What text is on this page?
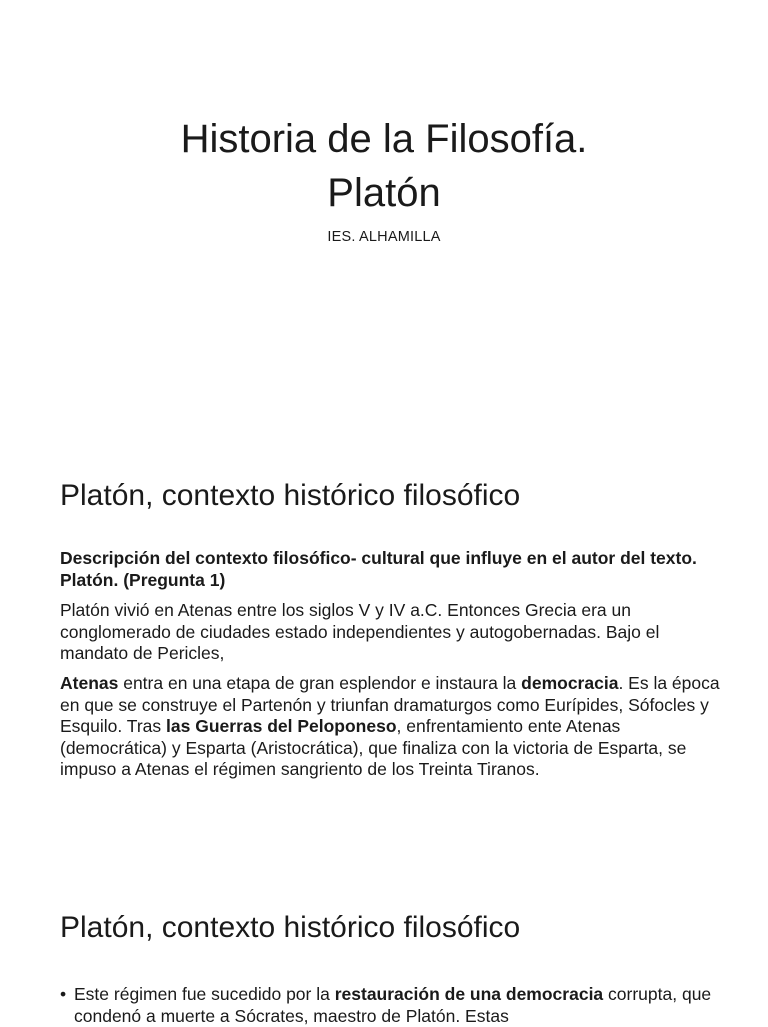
Historia de la Filosofía.
Platón
IES. ALHAMILLA
Platón, contexto histórico filosófico
Descripción del contexto filosófico- cultural que influye en el autor del texto. Platón. (Pregunta 1)
Platón vivió en Atenas entre los siglos V y IV a.C. Entonces Grecia era un conglomerado de ciudades estado independientes y autogobernadas. Bajo el mandato de Pericles,
Atenas entra en una etapa de gran esplendor e instaura la democracia. Es la época en que se construye el Partenón y triunfan dramaturgos como Eurípides, Sófocles y Esquilo. Tras las Guerras del Peloponeso, enfrentamiento ente Atenas (democrática) y Esparta (Aristocrática), que finaliza con la victoria de Esparta, se impuso a Atenas el régimen sangriento de los Treinta Tiranos.
Platón, contexto histórico filosófico
• Este régimen fue sucedido por la restauración de una democracia corrupta, que condenó a muerte a Sócrates, maestro de Platón. Estas
